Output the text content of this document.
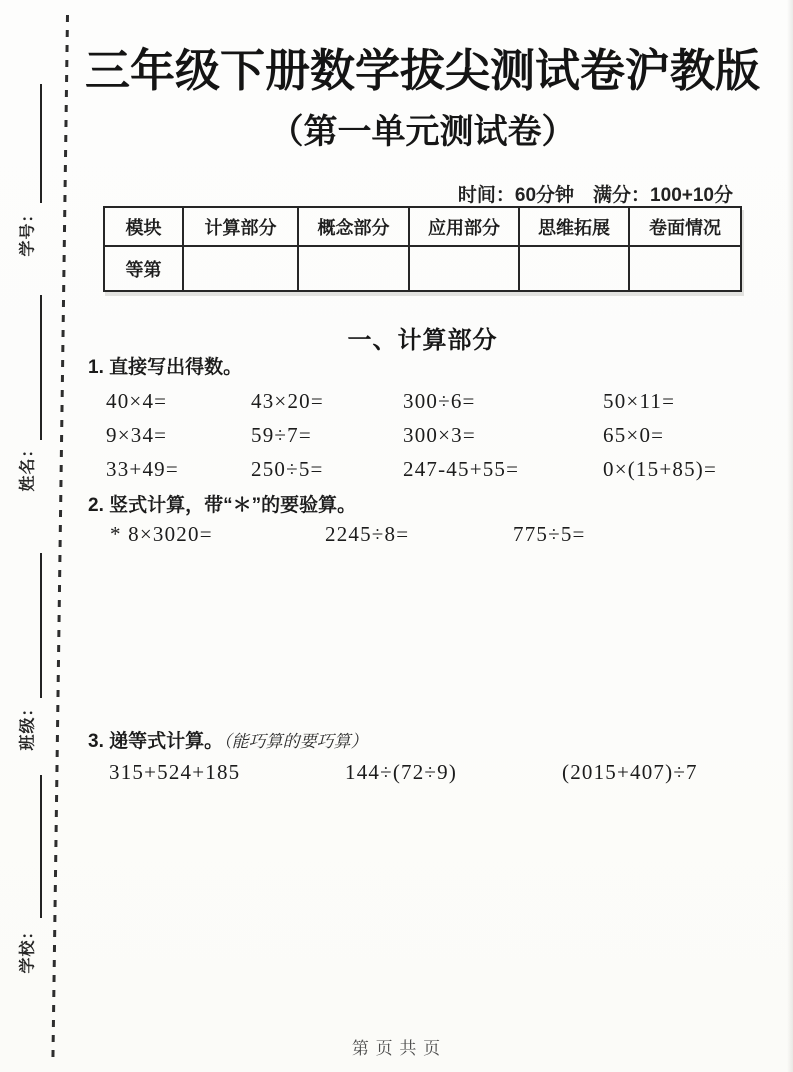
学号：
姓名：
班级：
学校：
三年级下册数学拔尖测试卷沪教版
（第一单元测试卷）
时间：60分钟　满分：100+10分
模块	计算部分	概念部分	应用部分	思维拓展	卷面情况
等第					
一、计算部分
1. 直接写出得数。
40×4=	43×20=	300÷6=	50×11=
9×34=	59÷7=	300×3=	65×0=
33+49=	250÷5=	247-45+55=	0×(15+85)=
2. 竖式计算，带“＊”的要验算。
* 8×3020=	2245÷8=	775÷5=
3. 递等式计算。（能巧算的要巧算）
315+524+185	144÷(72÷9)	(2015+407)÷7
第 页 共 页
